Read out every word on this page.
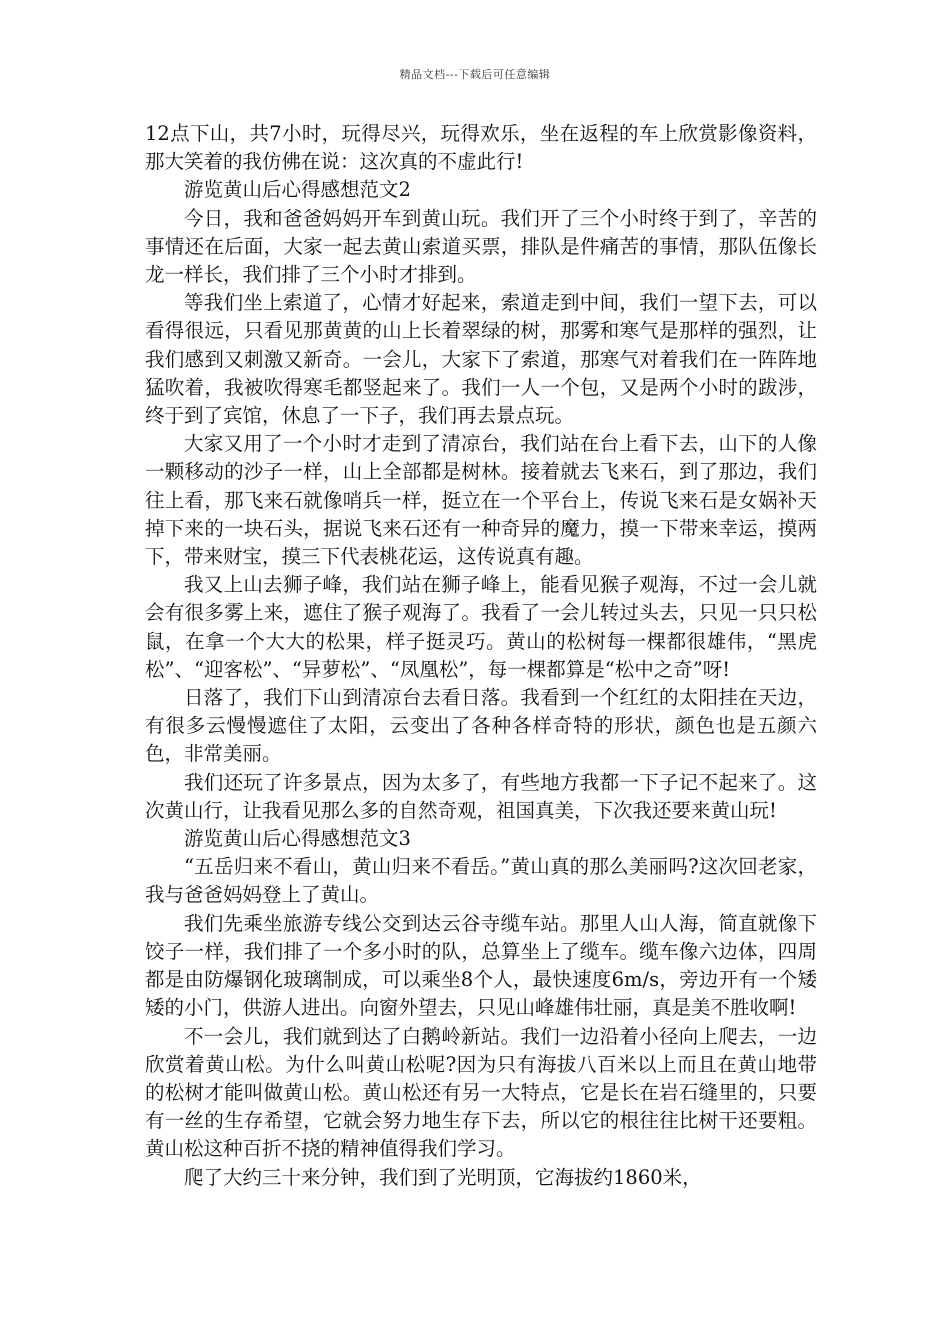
精品文档---下载后可任意编辑

12点下山，共7小时，玩得尽兴，玩得欢乐，坐在返程的车上欣赏影像资料，那大笑着的我仿佛在说：这次真的不虚此行!

游览黄山后心得感想范文2

今日，我和爸爸妈妈开车到黄山玩。我们开了三个小时终于到了，辛苦的事情还在后面，大家一起去黄山索道买票，排队是件痛苦的事情，那队伍像长龙一样长，我们排了三个小时才排到。

等我们坐上索道了，心情才好起来，索道走到中间，我们一望下去，可以看得很远，只看见那黄黄的山上长着翠绿的树，那雾和寒气是那样的强烈，让我们感到又刺激又新奇。一会儿，大家下了索道，那寒气对着我们在一阵阵地猛吹着，我被吹得寒毛都竖起来了。我们一人一个包，又是两个小时的跋涉，终于到了宾馆，休息了一下子，我们再去景点玩。

大家又用了一个小时才走到了清凉台，我们站在台上看下去，山下的人像一颗移动的沙子一样，山上全部都是树林。接着就去飞来石，到了那边，我们往上看，那飞来石就像哨兵一样，挺立在一个平台上，传说飞来石是女娲补天掉下来的一块石头，据说飞来石还有一种奇异的魔力，摸一下带来幸运，摸两下，带来财宝，摸三下代表桃花运，这传说真有趣。

我又上山去狮子峰，我们站在狮子峰上，能看见猴子观海，不过一会儿就会有很多雾上来，遮住了猴子观海了。我看了一会儿转过头去，只见一只只松鼠，在拿一个大大的松果，样子挺灵巧。黄山的松树每一棵都很雄伟，“黑虎松”、“迎客松”、“异萝松”、“凤凰松”，每一棵都算是“松中之奇”呀!

日落了，我们下山到清凉台去看日落。我看到一个红红的太阳挂在天边，有很多云慢慢遮住了太阳，云变出了各种各样奇特的形状，颜色也是五颜六色，非常美丽。

我们还玩了许多景点，因为太多了，有些地方我都一下子记不起来了。这次黄山行，让我看见那么多的自然奇观，祖国真美，下次我还要来黄山玩!

游览黄山后心得感想范文3

“五岳归来不看山，黄山归来不看岳。”黄山真的那么美丽吗?这次回老家，我与爸爸妈妈登上了黄山。

我们先乘坐旅游专线公交到达云谷寺缆车站。那里人山人海，简直就像下饺子一样，我们排了一个多小时的队，总算坐上了缆车。缆车像六边体，四周都是由防爆钢化玻璃制成，可以乘坐8个人，最快速度6m/s，旁边开有一个矮矮的小门，供游人进出。向窗外望去，只见山峰雄伟壮丽，真是美不胜收啊!

不一会儿，我们就到达了白鹅岭新站。我们一边沿着小径向上爬去，一边欣赏着黄山松。为什么叫黄山松呢?因为只有海拔八百米以上而且在黄山地带的松树才能叫做黄山松。黄山松还有另一大特点，它是长在岩石缝里的，只要有一丝的生存希望，它就会努力地生存下去，所以它的根往往比树干还要粗。黄山松这种百折不挠的精神值得我们学习。

爬了大约三十来分钟，我们到了光明顶，它海拔约1860米，
